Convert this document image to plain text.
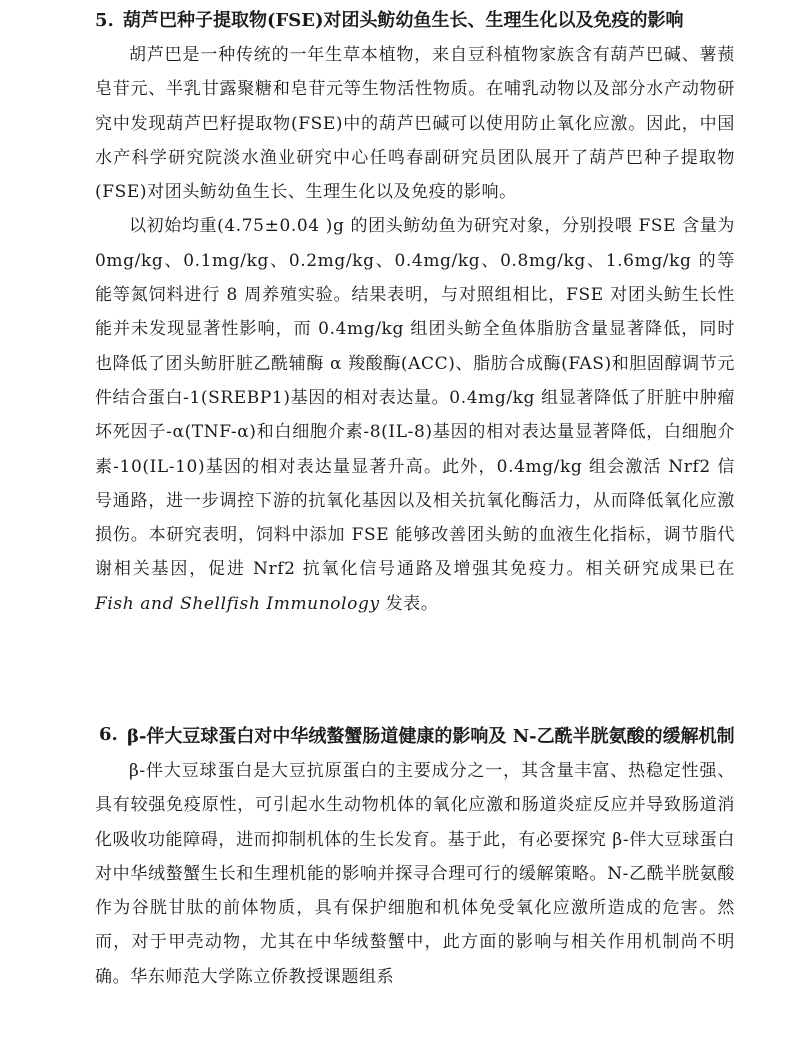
5. 葫芦巴种子提取物(FSE)对团头鲂幼鱼生长、生理生化以及免疫的影响

胡芦巴是一种传统的一年生草本植物，来自豆科植物家族含有葫芦巴碱、薯蓣皂苷元、半乳甘露聚糖和皂苷元等生物活性物质。在哺乳动物以及部分水产动物研究中发现葫芦巴籽提取物(FSE)中的葫芦巴碱可以使用防止氧化应激。因此，中国水产科学研究院淡水渔业研究中心任鸣春副研究员团队展开了葫芦巴种子提取物(FSE)对团头鲂幼鱼生长、生理生化以及免疫的影响。

以初始均重(4.75±0.04 )g 的团头鲂幼鱼为研究对象，分别投喂 FSE 含量为 0mg/kg、0.1mg/kg、0.2mg/kg、0.4mg/kg、0.8mg/kg、1.6mg/kg 的等能等氮饲料进行 8 周养殖实验。结果表明，与对照组相比，FSE 对团头鲂生长性能并未发现显著性影响，而 0.4mg/kg 组团头鲂全鱼体脂肪含量显著降低，同时也降低了团头鲂肝脏乙酰辅酶 α 羧酸酶(ACC)、脂肪合成酶(FAS)和胆固醇调节元件结合蛋白-1(SREBP1)基因的相对表达量。0.4mg/kg 组显著降低了肝脏中肿瘤坏死因子-α(TNF-α)和白细胞介素-8(IL-8)基因的相对表达量显著降低，白细胞介素-10(IL-10)基因的相对表达量显著升高。此外，0.4mg/kg 组会激活 Nrf2 信号通路，进一步调控下游的抗氧化基因以及相关抗氧化酶活力，从而降低氧化应激损伤。本研究表明，饲料中添加 FSE 能够改善团头鲂的血液生化指标，调节脂代谢相关基因，促进 Nrf2 抗氧化信号通路及增强其免疫力。相关研究成果已在 Fish and Shellfish Immunology 发表。

6. β-伴大豆球蛋白对中华绒螯蟹肠道健康的影响及 N-乙酰半胱氨酸的缓解机制

β-伴大豆球蛋白是大豆抗原蛋白的主要成分之一，其含量丰富、热稳定性强、具有较强免疫原性，可引起水生动物机体的氧化应激和肠道炎症反应并导致肠道消化吸收功能障碍，进而抑制机体的生长发育。基于此，有必要探究 β-伴大豆球蛋白对中华绒螯蟹生长和生理机能的影响并探寻合理可行的缓解策略。N-乙酰半胱氨酸作为谷胱甘肽的前体物质，具有保护细胞和机体免受氧化应激所造成的危害。然而，对于甲壳动物，尤其在中华绒螯蟹中，此方面的影响与相关作用机制尚不明确。华东师范大学陈立侨教授课题组系
